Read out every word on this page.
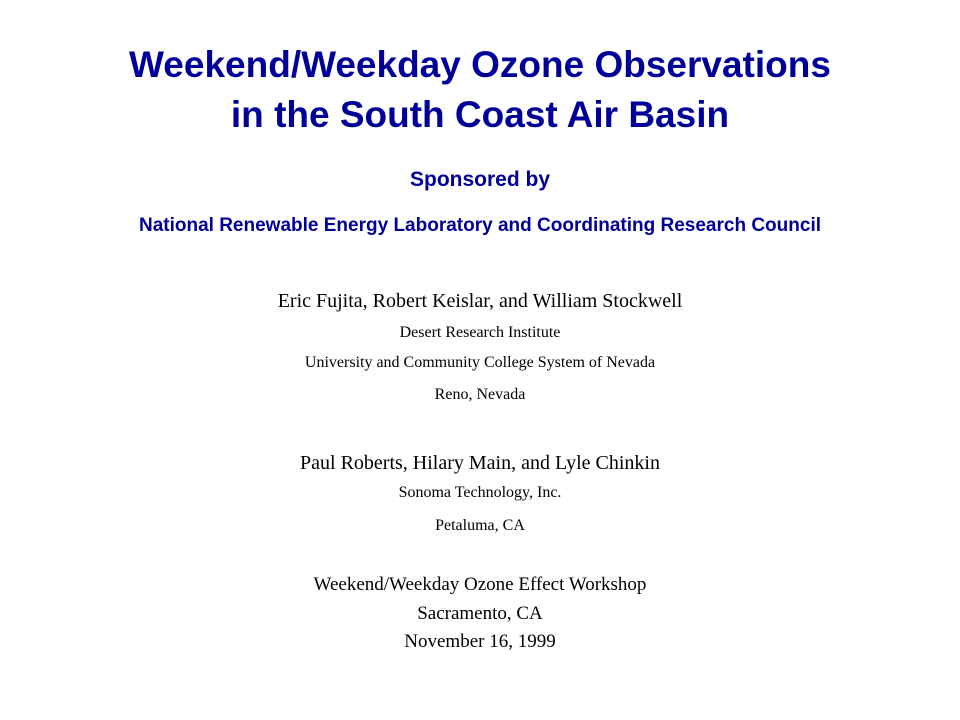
Weekend/Weekday Ozone Observations
in the South Coast Air Basin
Sponsored by
National Renewable Energy Laboratory and Coordinating Research Council
Eric Fujita, Robert Keislar, and William Stockwell
Desert Research Institute
University and Community College System of Nevada
Reno, Nevada
Paul Roberts, Hilary Main, and Lyle Chinkin
Sonoma Technology, Inc.
Petaluma, CA
Weekend/Weekday Ozone Effect Workshop
Sacramento, CA
November 16, 1999
